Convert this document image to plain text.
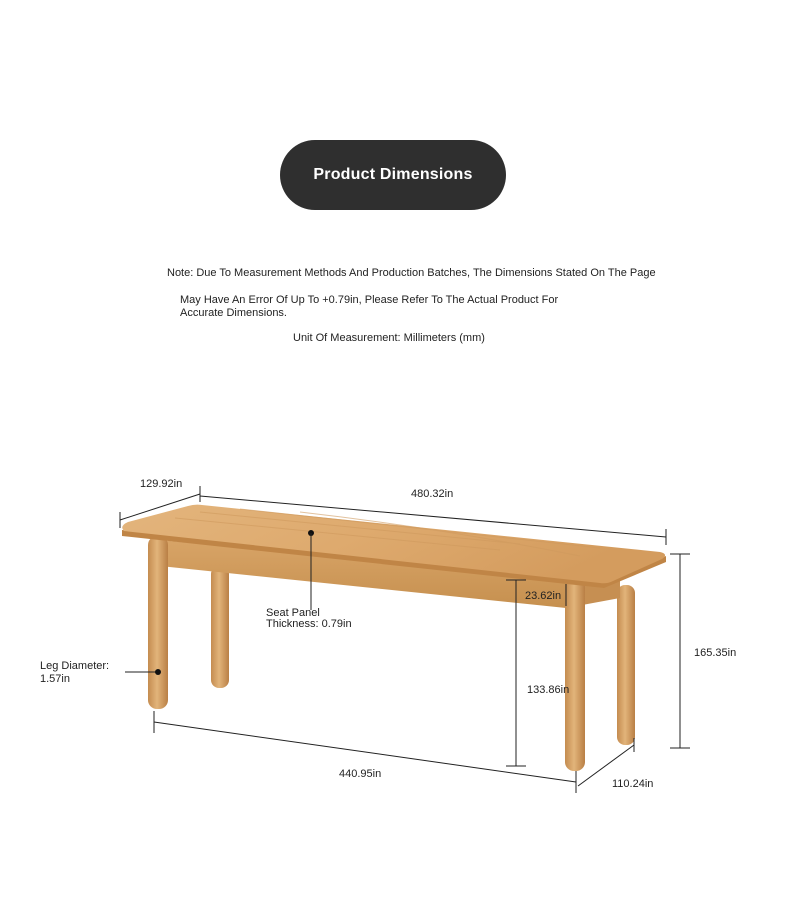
Product Dimensions
Note: Due To Measurement Methods And Production Batches, The Dimensions Stated On The Page
May Have An Error Of Up To +0.79in, Please Refer To The Actual Product For
Accurate Dimensions.
Unit Of Measurement: Millimeters (mm)
129.92in
480.32in
23.62in
165.35in
133.86in
440.95in
110.24in
Seat Panel
Thickness: 0.79in
Leg Diameter:
1.57in
